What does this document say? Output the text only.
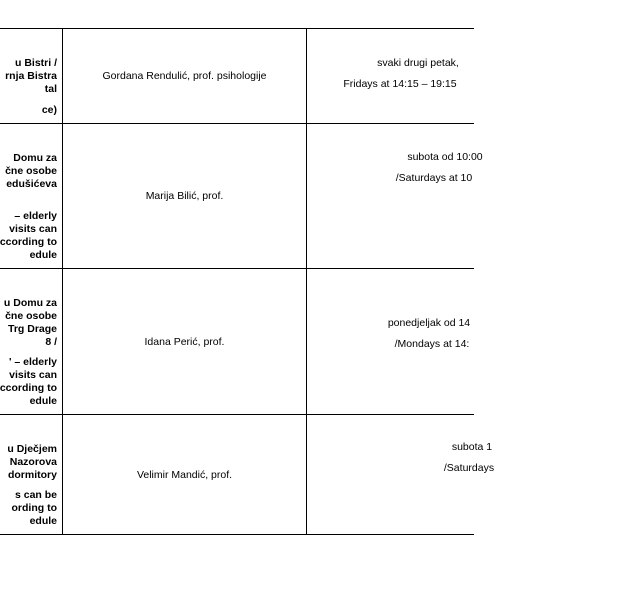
u Bistri /
rnja Bistra
tal
ce)
Gordana Rendulić, prof. psihologije
svaki drugi petak,
Fridays at 14:15 – 19:15
Domu za
čne osobe
edušićeva
– elderly
visits can
ccording to
edule
Marija Bilić, prof.
subota od 10:00
/Saturdays at 10
u Domu za
čne osobe
Trg Drage
8 /
' – elderly
visits can
ccording to
edule
Idana Perić, prof.
ponedjeljak od 14
/Mondays at 14:
u Dječjem
Nazorova
dormitory
s can be
ording to
edule
Velimir Mandić, prof.
subota 1
/Saturdays
